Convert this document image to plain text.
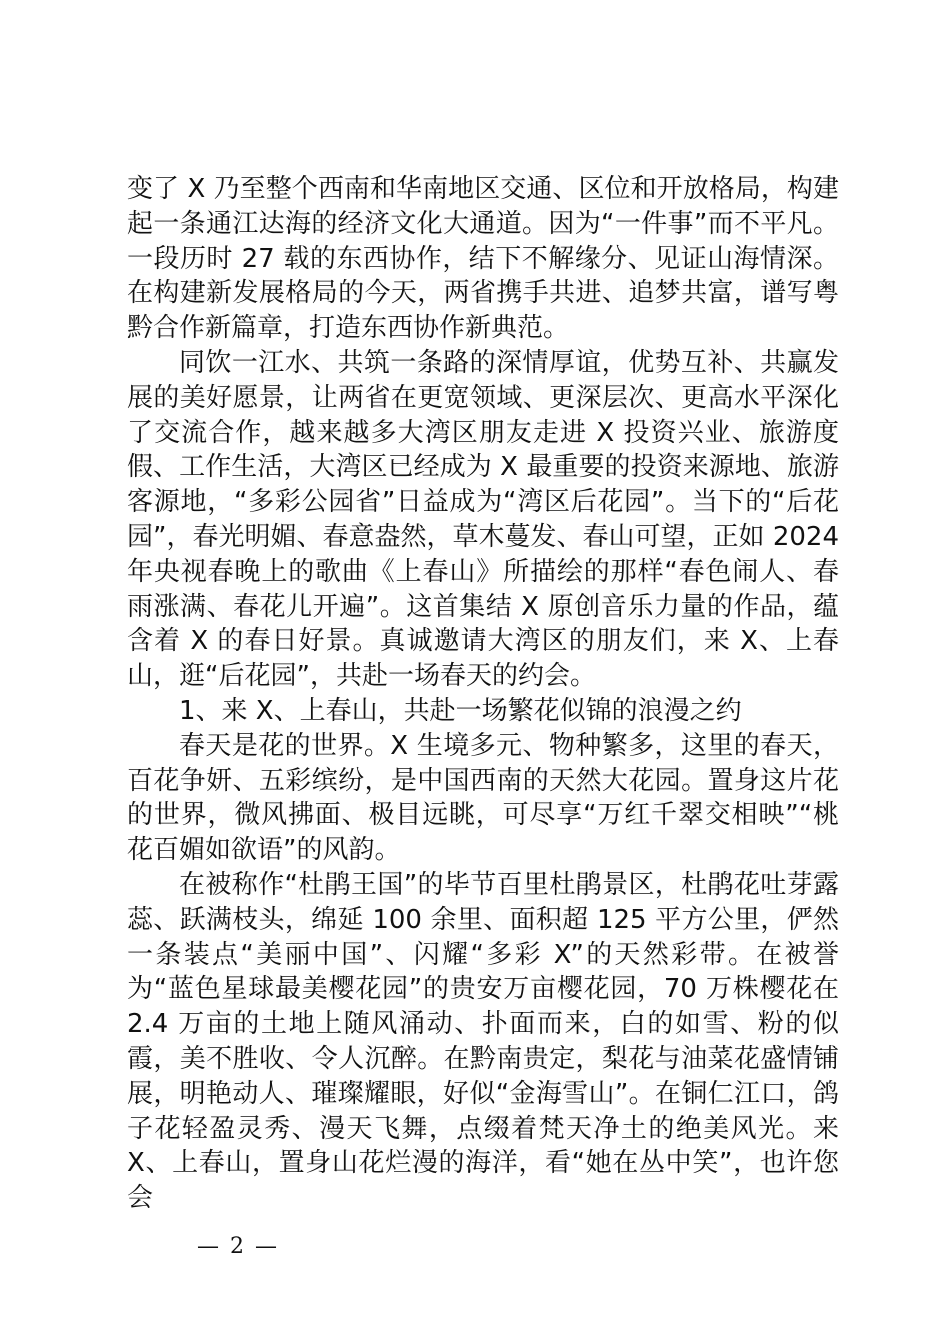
变了 X 乃至整个西南和华南地区交通、区位和开放格局，构建起一条通江达海的经济文化大通道。因为“一件事”而不平凡。一段历时 27 载的东西协作，结下不解缘分、见证山海情深。在构建新发展格局的今天，两省携手共进、追梦共富，谱写粤黔合作新篇章，打造东西协作新典范。

同饮一江水、共筑一条路的深情厚谊，优势互补、共赢发展的美好愿景，让两省在更宽领域、更深层次、更高水平深化了交流合作，越来越多大湾区朋友走进 X 投资兴业、旅游度假、工作生活，大湾区已经成为 X 最重要的投资来源地、旅游客源地，“多彩公园省”日益成为“湾区后花园”。当下的“后花园”，春光明媚、春意盎然，草木蔓发、春山可望，正如 2024 年央视春晚上的歌曲《上春山》所描绘的那样“春色闹人、春雨涨满、春花儿开遍”。这首集结 X 原创音乐力量的作品，蕴含着 X 的春日好景。真诚邀请大湾区的朋友们，来 X、上春山，逛“后花园”，共赴一场春天的约会。

1、来 X、上春山，共赴一场繁花似锦的浪漫之约

春天是花的世界。X 生境多元、物种繁多，这里的春天，百花争妍、五彩缤纷，是中国西南的天然大花园。置身这片花的世界，微风拂面、极目远眺，可尽享“万红千翠交相映”“桃花百媚如欲语”的风韵。

在被称作“杜鹃王国”的毕节百里杜鹃景区，杜鹃花吐芽露蕊、跃满枝头，绵延 100 余里、面积超 125 平方公里，俨然一条装点“美丽中国”、闪耀“多彩 X”的天然彩带。在被誉为“蓝色星球最美樱花园”的贵安万亩樱花园，70 万株樱花在 2.4 万亩的土地上随风涌动、扑面而来，白的如雪、粉的似霞，美不胜收、令人沉醉。在黔南贵定，梨花与油菜花盛情铺展，明艳动人、璀璨耀眼，好似“金海雪山”。在铜仁江口，鸽子花轻盈灵秀、漫天飞舞，点缀着梵天净土的绝美风光。来 X、上春山，置身山花烂漫的海洋，看“她在丛中笑”，也许您会

— 2 —
